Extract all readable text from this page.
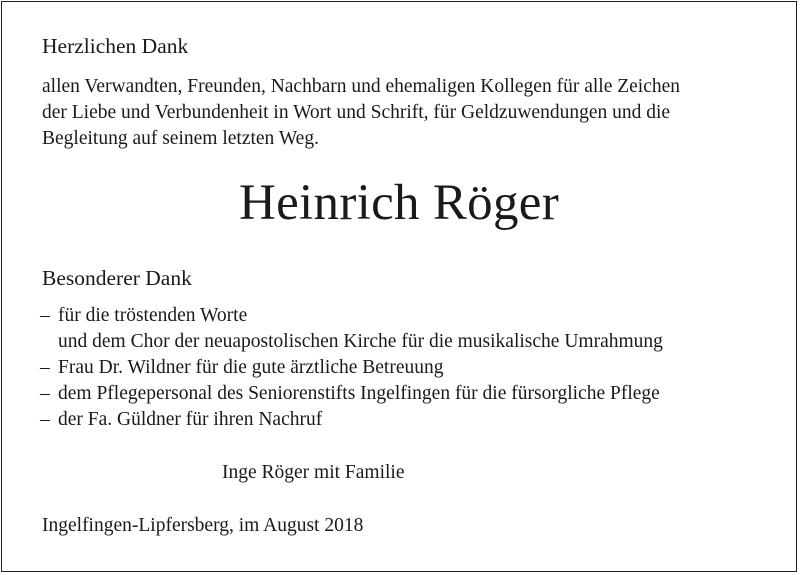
Herzlichen Dank
allen Verwandten, Freunden, Nachbarn und ehemaligen Kollegen für alle Zeichen
der Liebe und Verbundenheit in Wort und Schrift, für Geldzuwendungen und die
Begleitung auf seinem letzten Weg.
Heinrich Röger
Besonderer Dank
– für die tröstenden Worte
und dem Chor der neuapostolischen Kirche für die musikalische Umrahmung
– Frau Dr. Wildner für die gute ärztliche Betreuung
– dem Pflegepersonal des Seniorenstifts Ingelfingen für die fürsorgliche Pflege
– der Fa. Güldner für ihren Nachruf
Inge Röger mit Familie
Ingelfingen-Lipfersberg, im August 2018
